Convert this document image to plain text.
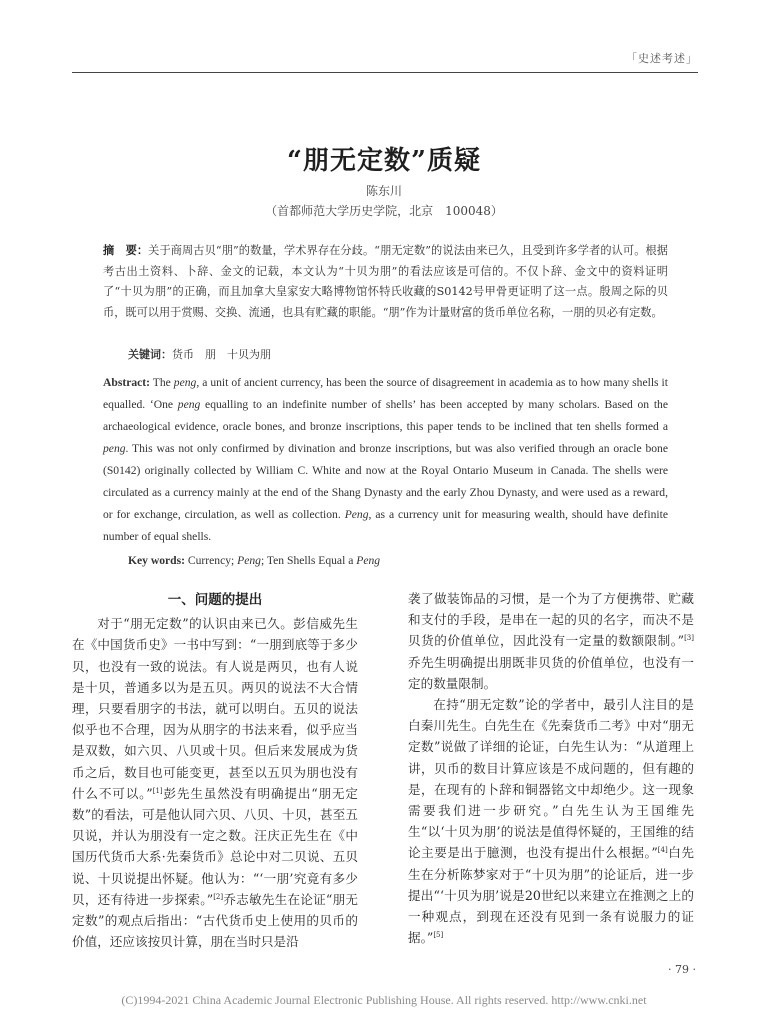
「史述考述」
“朋无定数”质疑
陈东川
（首都师范大学历史学院，北京　100048）

摘　要：关于商周古贝“朋”的数量，学术界存在分歧。“朋无定数”的说法由来已久，且受到许多学者的认可。根据考古出土资料、卜辞、金文的记载，本文认为“十贝为朋”的看法应该是可信的。不仅卜辞、金文中的资料证明了“十贝为朋”的正确，而且加拿大皇家安大略博物馆怀特氏收藏的S0142号甲骨更证明了这一点。殷周之际的贝币，既可以用于赏赐、交换、流通，也具有贮藏的职能。“朋”作为计量财富的货币单位名称，一朋的贝必有定数。

关键词：货币　朋　十贝为朋

Abstract: The peng, a unit of ancient currency, has been the source of disagreement in academia as to how many shells it equalled. ‘One peng equalling to an indefinite number of shells’ has been accepted by many scholars. Based on the archaeological evidence, oracle bones, and bronze inscriptions, this paper tends to be inclined that ten shells formed a peng. This was not only confirmed by divination and bronze inscriptions, but was also verified through an oracle bone (S0142) originally collected by William C. White and now at the Royal Ontario Museum in Canada. The shells were circulated as a currency mainly at the end of the Shang Dynasty and the early Zhou Dynasty, and were used as a reward, or for exchange, circulation, as well as collection. Peng, as a currency unit for measuring wealth, should have definite number of equal shells.

Key words: Currency; Peng; Ten Shells Equal a Peng
一、问题的提出

对于“朋无定数”的认识由来已久。彭信威先生在《中国货币史》一书中写到：“一朋到底等于多少贝，也没有一致的说法。有人说是两贝，也有人说是十贝，普通多以为是五贝。两贝的说法不大合情理，只要看朋字的书法，就可以明白。五贝的说法似乎也不合理，因为从朋字的书法来看，似乎应当是双数，如六贝、八贝或十贝。但后来发展成为货币之后，数目也可能变更，甚至以五贝为朋也没有什么不可以。”[1]彭先生虽然没有明确提出“朋无定数”的看法，可是他认同六贝、八贝、十贝，甚至五贝说，并认为朋没有一定之数。汪庆正先生在《中国历代货币大系·先秦货币》总论中对二贝说、五贝说、十贝说提出怀疑。他认为：“‘一朋’究竟有多少贝，还有待进一步探索。”[2]乔志敏先生在论证“朋无定数”的观点后指出：“古代货币史上使用的贝币的价值，还应该按贝计算，朋在当时只是沿

袭了做装饰品的习惯，是一个为了方便携带、贮藏和支付的手段，是串在一起的贝的名字，而决不是贝货的价值单位，因此没有一定量的数额限制。”[3]乔先生明确提出朋既非贝货的价值单位，也没有一定的数量限制。

在持“朋无定数”论的学者中，最引人注目的是白秦川先生。白先生在《先秦货币二考》中对“朋无定数”说做了详细的论证，白先生认为：“从道理上讲，贝币的数目计算应该是不成问题的，但有趣的是，在现有的卜辞和铜器铭文中却绝少。这一现象需要我们进一步研究。”白先生认为王国维先生“以‘十贝为朋’的说法是值得怀疑的，王国维的结论主要是出于臆测，也没有提出什么根据。”[4]白先生在分析陈梦家对于“十贝为朋”的论证后，进一步提出“‘十贝为朋’说是20世纪以来建立在推测之上的一种观点，到现在还没有见到一条有说服力的证据。”[5]

· 79 ·
(C)1994-2021 China Academic Journal Electronic Publishing House. All rights reserved. http://www.cnki.net
